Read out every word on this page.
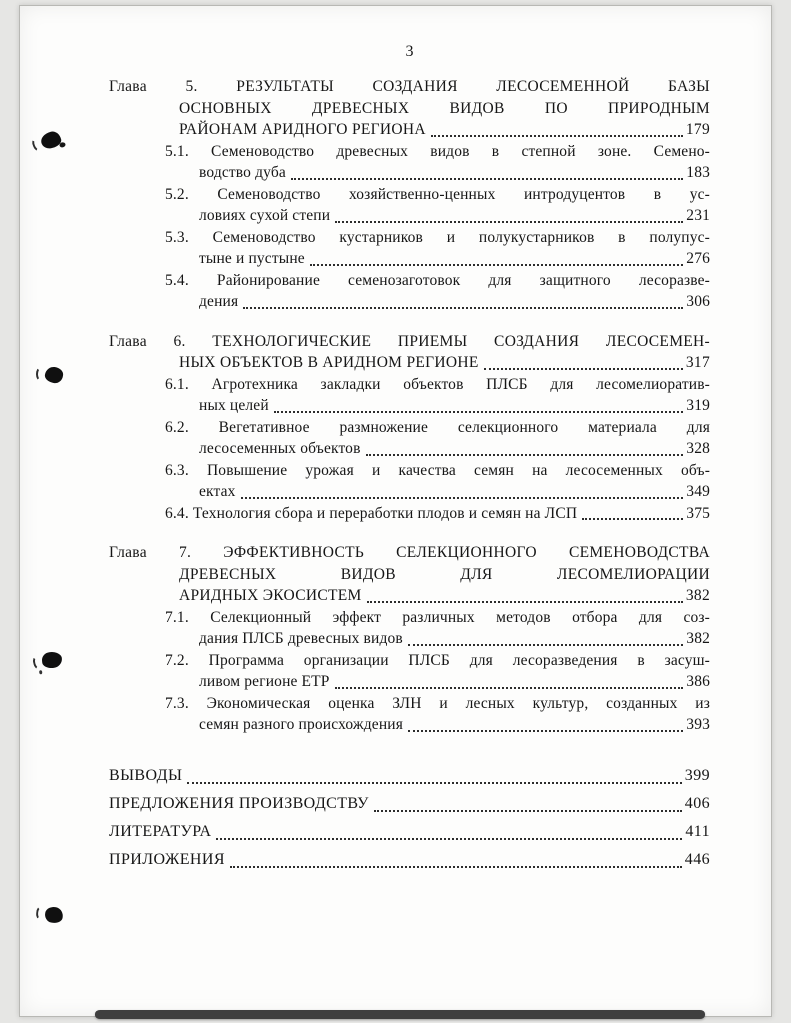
3
Глава 5. РЕЗУЛЬТАТЫ СОЗДАНИЯ ЛЕСОСЕМЕННОЙ БАЗЫ
ОСНОВНЫХ ДРЕВЕСНЫХ ВИДОВ ПО ПРИРОДНЫМ
РАЙОНАМ АРИДНОГО РЕГИОНА	179
5.1. Семеноводство древесных видов в степной зоне. Семено-
водство дуба	183
5.2. Семеноводство хозяйственно-ценных интродуцентов в ус-
ловиях сухой степи	231
5.3. Семеноводство кустарников и полукустарников в полупус-
тыне и пустыне	276
5.4. Районирование семенозаготовок для защитного лесоразве-
дения	306
Глава 6. ТЕХНОЛОГИЧЕСКИЕ ПРИЕМЫ СОЗДАНИЯ ЛЕСОСЕМЕН-
НЫХ ОБЪЕКТОВ В АРИДНОМ РЕГИОНЕ	317
6.1. Агротехника закладки объектов ПЛСБ для лесомелиоратив-
ных целей	319
6.2. Вегетативное размножение селекционного материала для
лесосеменных объектов	328
6.3. Повышение урожая и качества семян на лесосеменных объ-
ектах	349
6.4. Технология сбора и переработки плодов и семян на ЛСП	375
Глава 7. ЭФФЕКТИВНОСТЬ СЕЛЕКЦИОННОГО СЕМЕНОВОДСТВА
ДРЕВЕСНЫХ ВИДОВ ДЛЯ ЛЕСОМЕЛИОРАЦИИ
АРИДНЫХ ЭКОСИСТЕМ	382
7.1. Селекционный эффект различных методов отбора для соз-
дания ПЛСБ древесных видов	382
7.2. Программа организации ПЛСБ для лесоразведения в засуш-
ливом регионе ЕТР	386
7.3. Экономическая оценка ЗЛН и лесных культур, созданных из
семян разного происхождения	393
ВЫВОДЫ	399
ПРЕДЛОЖЕНИЯ ПРОИЗВОДСТВУ	406
ЛИТЕРАТУРА	411
ПРИЛОЖЕНИЯ	446
